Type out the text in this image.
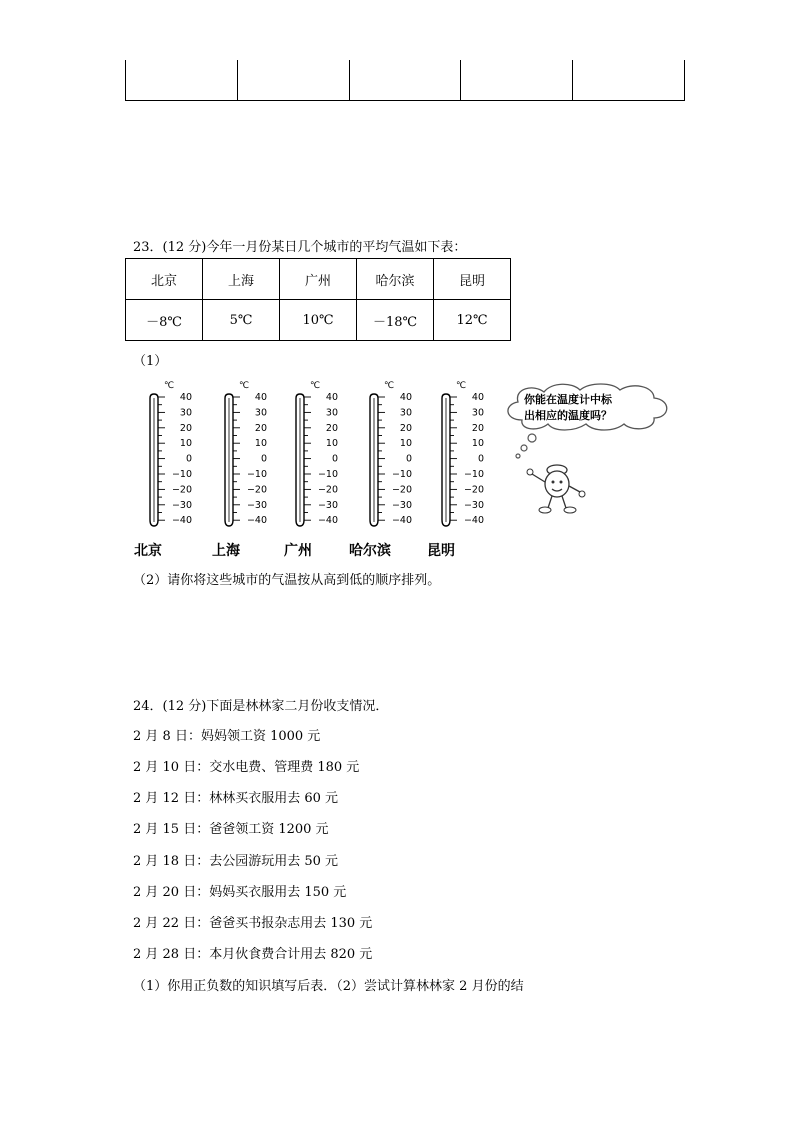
23．(12 分)今年一月份某日几个城市的平均气温如下表：
北京	上海	广州	哈尔滨	昆明
－8℃	5℃	10℃	－18℃	12℃
（1）
℃
40
30
20
10
0
−10
−20
−30
−40
北京
℃
40
30
20
10
0
−10
−20
−30
−40
上海
℃
40
30
20
10
0
−10
−20
−30
−40
广州
℃
40
30
20
10
0
−10
−20
−30
−40
哈尔滨
℃
40
30
20
10
0
−10
−20
−30
−40
昆明
你能在温度计中标
出相应的温度吗？
（2）请你将这些城市的气温按从高到低的顺序排列。
24．(12 分)下面是林林家二月份收支情况．
2 月 8 日：妈妈领工资 1000 元
2 月 10 日：交水电费、管理费 180 元
2 月 12 日：林林买衣服用去 60 元
2 月 15 日：爸爸领工资 1200 元
2 月 18 日：去公园游玩用去 50 元
2 月 20 日：妈妈买衣服用去 150 元
2 月 22 日：爸爸买书报杂志用去 130 元
2 月 28 日：本月伙食费合计用去 820 元
（1）你用正负数的知识填写后表．（2）尝试计算林林家 2 月份的结
